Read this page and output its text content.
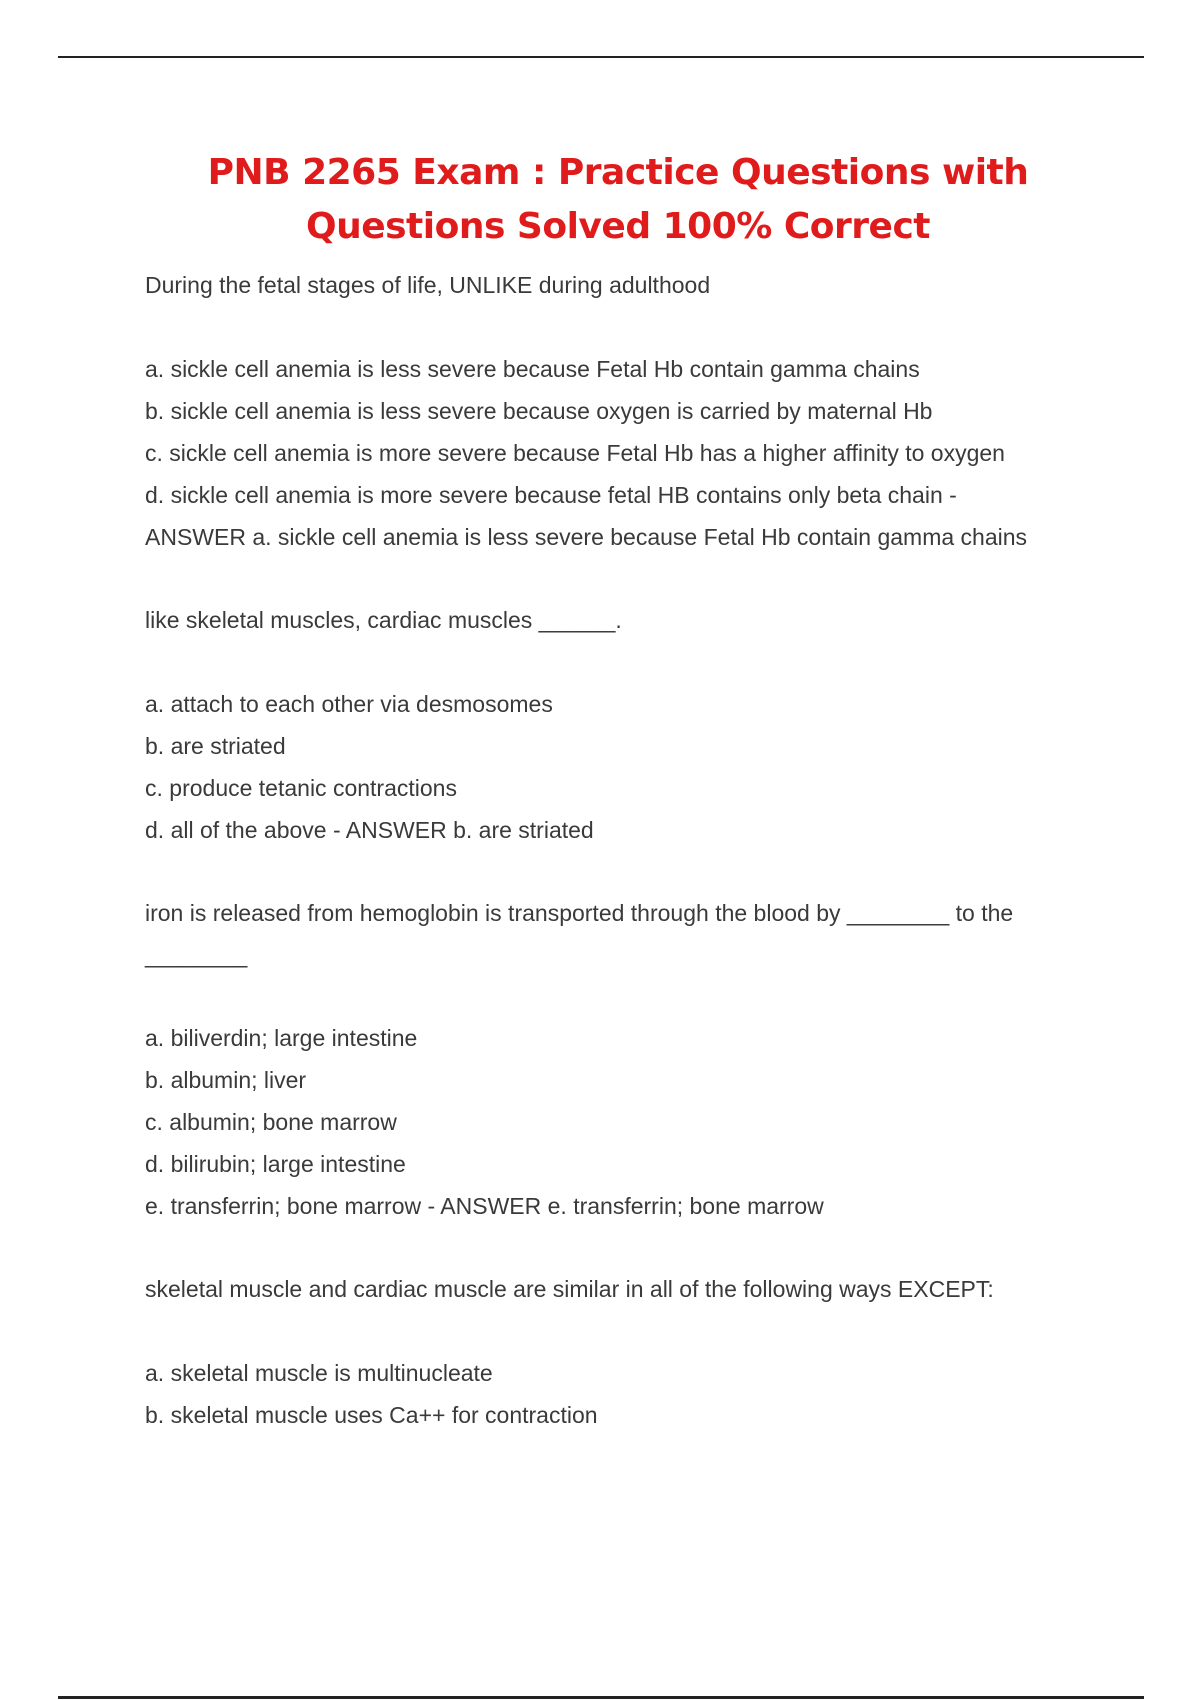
PNB 2265 Exam : Practice Questions with
Questions Solved 100% Correct
During the fetal stages of life, UNLIKE during adulthood
a. sickle cell anemia is less severe because Fetal Hb contain gamma chains
b. sickle cell anemia is less severe because oxygen is carried by maternal Hb
c. sickle cell anemia is more severe because Fetal Hb has a higher affinity to oxygen
d. sickle cell anemia is more severe because fetal HB contains only beta chain -
ANSWER a. sickle cell anemia is less severe because Fetal Hb contain gamma chains
like skeletal muscles, cardiac muscles ______.
a. attach to each other via desmosomes
b. are striated
c. produce tetanic contractions
d. all of the above - ANSWER b. are striated
iron is released from hemoglobin is transported through the blood by ________ to the
________
a. biliverdin; large intestine
b. albumin; liver
c. albumin; bone marrow
d. bilirubin; large intestine
e. transferrin; bone marrow - ANSWER e. transferrin; bone marrow
skeletal muscle and cardiac muscle are similar in all of the following ways EXCEPT:
a. skeletal muscle is multinucleate
b. skeletal muscle uses Ca++ for contraction
